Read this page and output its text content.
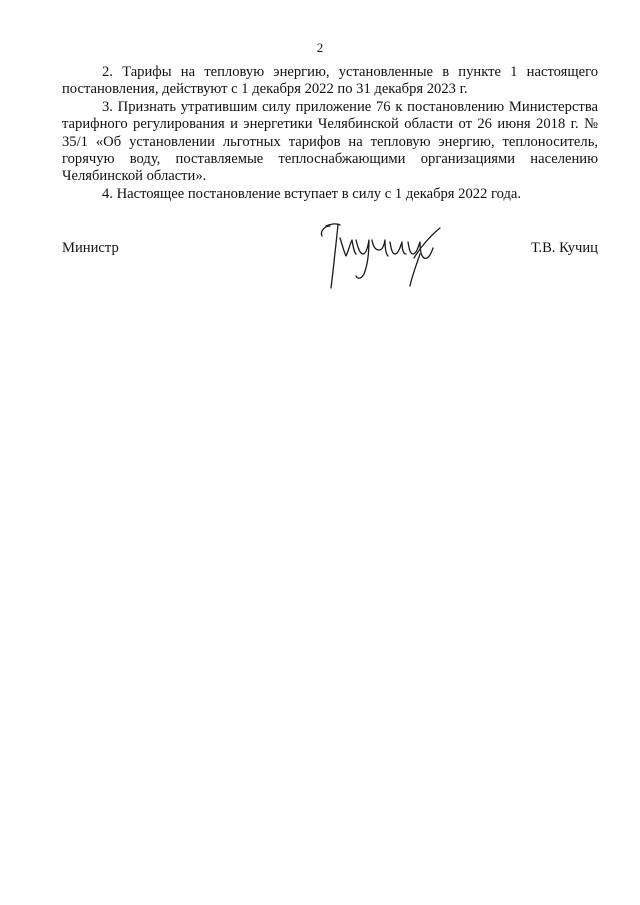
2

2. Тарифы на тепловую энергию, установленные в пункте 1 настоящего постановления, действуют с 1 декабря 2022 по 31 декабря 2023 г.

3. Признать утратившим силу приложение 76 к постановлению Министерства тарифного регулирования и энергетики Челябинской области от 26 июня 2018 г. № 35/1 «Об установлении льготных тарифов на тепловую энергию, теплоноситель, горячую воду, поставляемые теплоснабжающими организациями населению Челябинской области».

4. Настоящее постановление вступает в силу с 1 декабря 2022 года.

Министр	Т.В. Кучиц
